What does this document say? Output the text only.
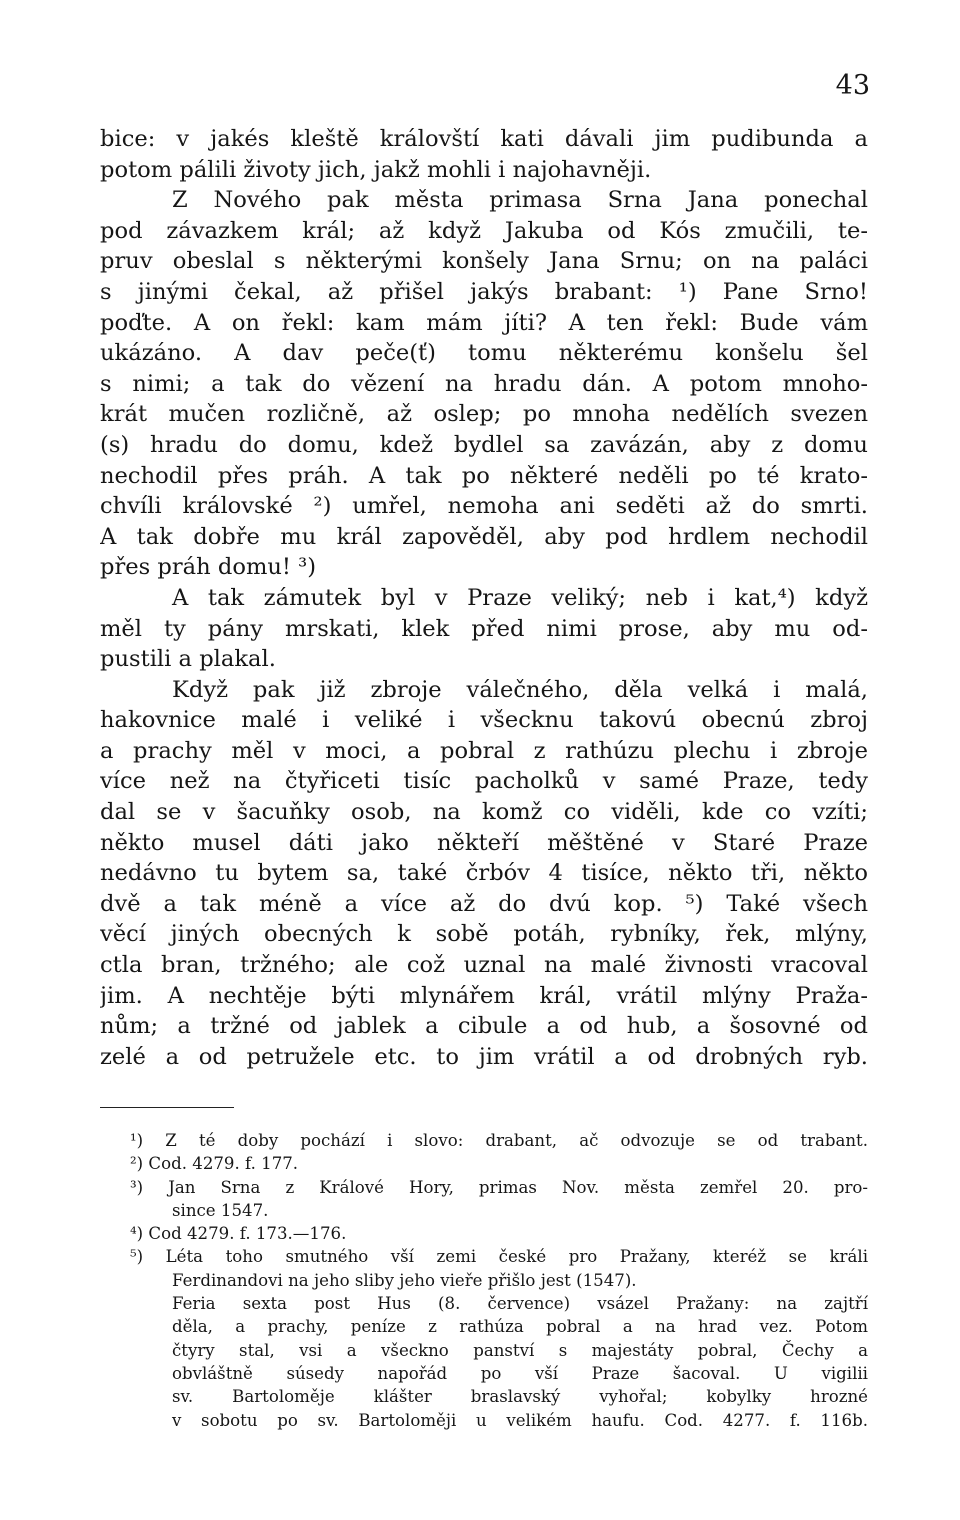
43
bice: v jakés kleště královští kati dávali jim pudibunda a
potom pálili životy jich, jakž mohli i najohavněji.
Z Nového pak města primasa Srna Jana ponechal
pod závazkem král; až když Jakuba od Kós zmučili, te-
pruv obeslal s některými konšely Jana Srnu; on na paláci
s jinými čekal, až přišel jakýs brabant: ¹) Pane Srno!
poďte. A on řekl: kam mám jíti? A ten řekl: Bude vám
ukázáno. A dav peče(ť) tomu některému konšelu šel
s nimi; a tak do vězení na hradu dán. A potom mnoho-
krát mučen rozličně, až oslep; po mnoha nedělích svezen
(s) hradu do domu, kdež bydlel sa zavázán, aby z domu
nechodil přes práh. A tak po některé neděli po té krato-
chvíli královské ²) umřel, nemoha ani seděti až do smrti.
A tak dobře mu král zapověděl, aby pod hrdlem nechodil
přes práh domu! ³)
A tak zámutek byl v Praze veliký; neb i kat,⁴) když
měl ty pány mrskati, klek před nimi prose, aby mu od-
pustili a plakal.
Když pak již zbroje válečného, děla velká i malá,
hakovnice malé i veliké i všecknu takovú obecnú zbroj
a prachy měl v moci, a pobral z rathúzu plechu i zbroje
více než na čtyřiceti tisíc pacholků v samé Praze, tedy
dal se v šacuňky osob, na komž co viděli, kde co vzíti;
někto musel dáti jako někteří měštěné v Staré Praze
nedávno tu bytem sa, také črbóv 4 tisíce, někto tři, někto
dvě a tak méně a více až do dvú kop. ⁵) Také všech
věcí jiných obecných k sobě potáh, rybníky, řek, mlýny,
ctla bran, tržného; ale což uznal na malé živnosti vracoval
jim. A nechtěje býti mlynářem král, vrátil mlýny Praža-
nům; a tržné od jablek a cibule a od hub, a šosovné od
zelé a od petružele etc. to jim vrátil a od drobných ryb.
¹) Z té doby pochází i slovo: drabant, ač odvozuje se od trabant.
²) Cod. 4279. f. 177.
³) Jan Srna z Králové Hory, primas Nov. města zemřel 20. pro-
since 1547.
⁴) Cod 4279. f. 173.—176.
⁵) Léta toho smutného vší zemi české pro Pražany, kteréž se králi
Ferdinandovi na jeho sliby jeho vieře přišlo jest (1547).
Feria sexta post Hus (8. července) vsázel Pražany: na zajtří
děla, a prachy, peníze z rathúza pobral a na hrad vez. Potom
čtyry stal, vsi a všeckno panství s majestáty pobral, Čechy a
obvláštně súsedy napořád po vší Praze šacoval. U vigilii
sv. Bartoloměje klášter braslavský vyhořal; kobylky hrozné
v sobotu po sv. Bartoloměji u velikém haufu. Cod. 4277. f. 116b.
